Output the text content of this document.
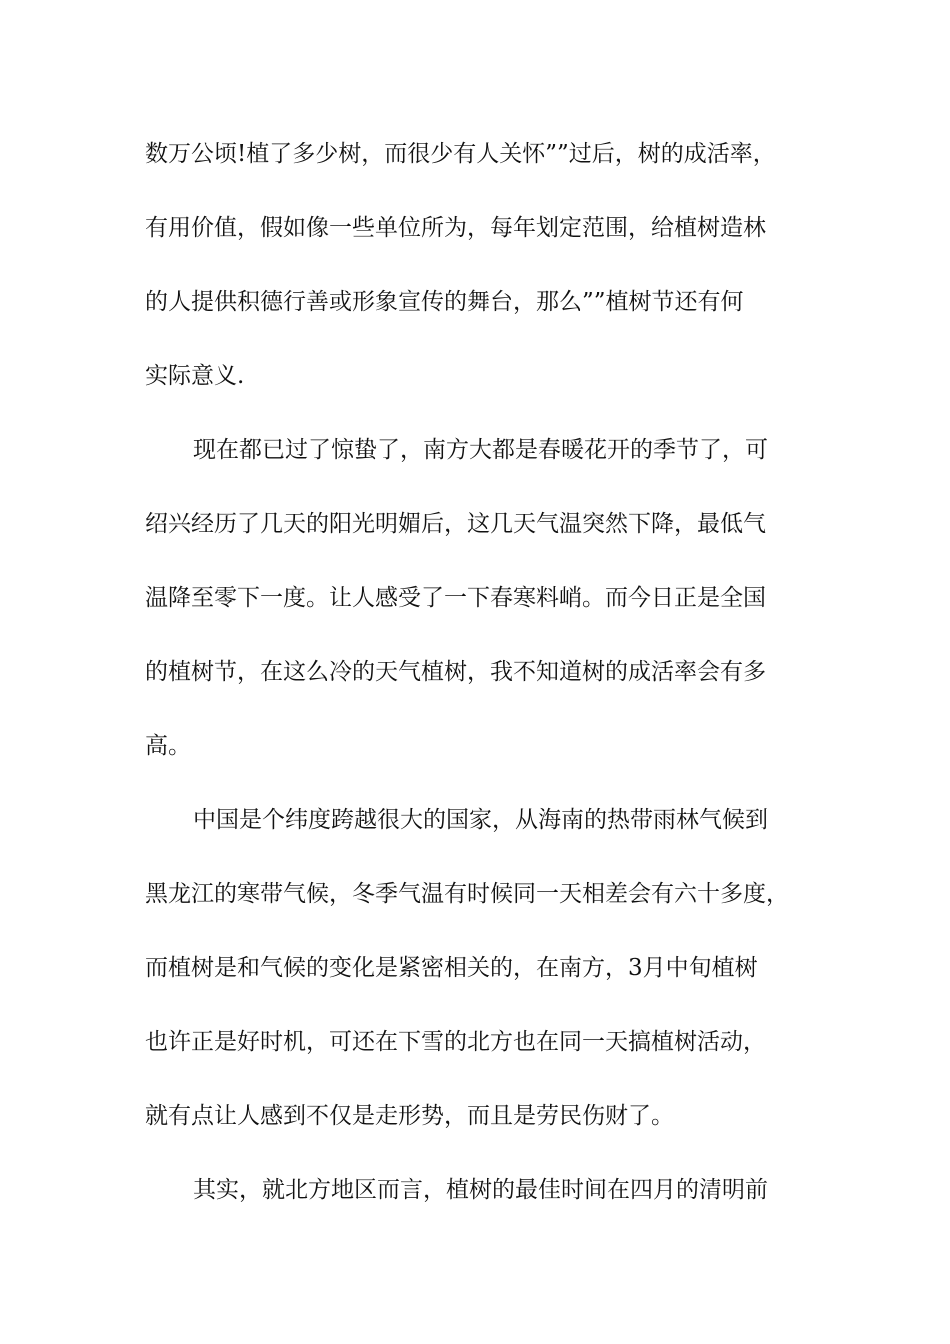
数万公顷!植了多少树，而很少有人关怀””过后，树的成活率，
有用价值，假如像一些单位所为，每年划定范围，给植树造林
的人提供积德行善或形象宣传的舞台，那么””植树节还有何
实际意义.
现在都已过了惊蛰了，南方大都是春暖花开的季节了，可
绍兴经历了几天的阳光明媚后，这几天气温突然下降，最低气
温降至零下一度。让人感受了一下春寒料峭。而今日正是全国
的植树节，在这么冷的天气植树，我不知道树的成活率会有多
高。
中国是个纬度跨越很大的国家，从海南的热带雨林气候到
黑龙江的寒带气候，冬季气温有时候同一天相差会有六十多度，
而植树是和气候的变化是紧密相关的，在南方，3月中旬植树
也许正是好时机，可还在下雪的北方也在同一天搞植树活动，
就有点让人感到不仅是走形势，而且是劳民伤财了。
其实，就北方地区而言，植树的最佳时间在四月的清明前
